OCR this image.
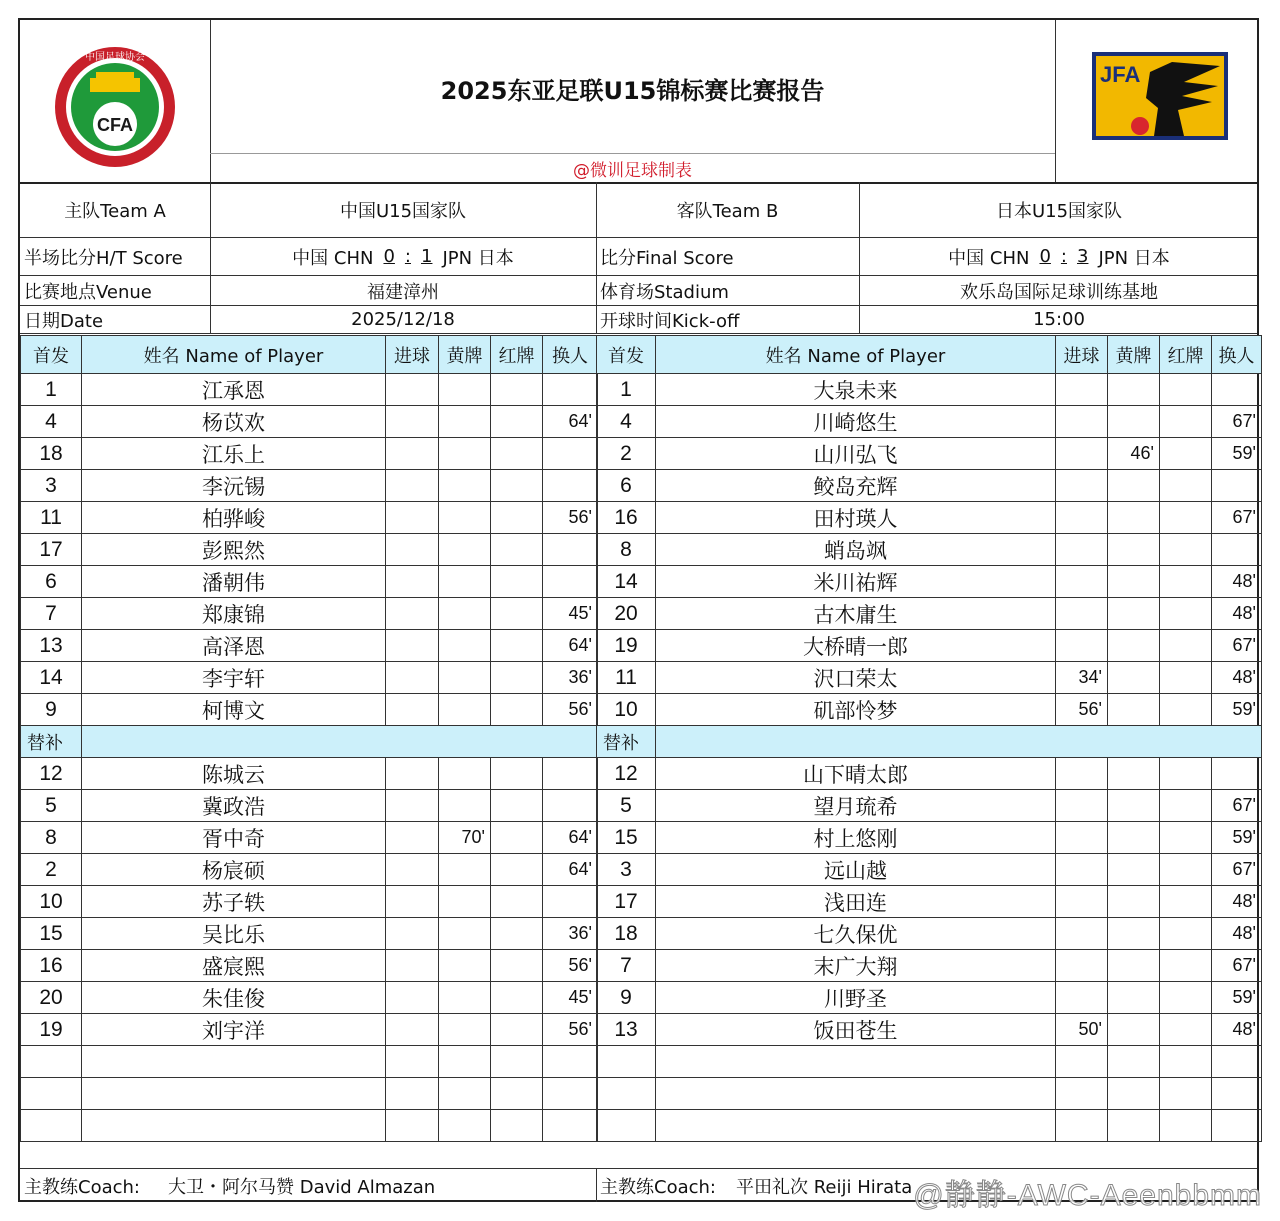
CFA
中国足球协会
2025东亚足联U15锦标赛比赛报告
@微训足球制表
JFA
主队Team A	中国U15国家队	客队Team B	日本U15国家队
半场比分H/T Score	中国 CHN 0 : 1 JPN 日本	比分Final Score	中国 CHN 0 : 3 JPN 日本
比赛地点Venue	福建漳州	体育场Stadium	欢乐岛国际足球训练基地
日期Date	2025/12/18	开球时间Kick-off	15:00
首发	姓名 Name of Player	进球	黄牌	红牌	换人
1	江承恩				
4	杨苡欢				64'
18	江乐上				
3	李沅锡				
11	柏骅峻				56'
17	彭熙然				
6	潘朝伟				
7	郑康锦				45'
13	高泽恩				64'
14	李宇轩				36'
9	柯博文				56'
替补					
12	陈城云				
5	冀政浩				
8	胥中奇		70'		64'
2	杨宸硕				64'
10	苏子轶				
15	吴比乐				36'
16	盛宸熙				56'
20	朱佳俊				45'
19	刘宇洋				56'

首发	姓名 Name of Player	进球	黄牌	红牌	换人
1	大泉未来				
4	川崎悠生				67'
2	山川弘飞		46'		59'
6	鲛岛充辉				
16	田村瑛人				67'
8	蛸岛飒				
14	米川祐辉				48'
20	古木庸生				48'
19	大桥晴一郎				67'
11	沢口荣太	34'			48'
10	矶部怜梦	56'			59'
替补					
12	山下晴太郎				
5	望月琉希				67'
15	村上悠刚				59'
3	远山越				67'
17	浅田连				48'
18	七久保优				48'
7	末广大翔				67'
9	川野圣				59'
13	饭田苍生	50'			48'

主教练Coach: 大卫・阿尔马赞 David Almazan	主教练Coach: 平田礼次 Reiji Hirata @静静-AWC-Aeenbbmm
